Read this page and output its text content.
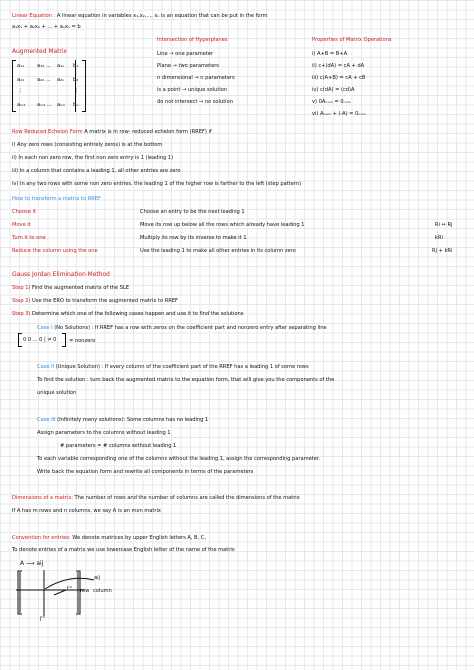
Linear Equation : A linear equation in variables x₁,x₂,..., xₙ is an equation that can be put in the form
a₁x₁ + a₂x₂ + ... + aₙxₙ = b
Augmented Matrix
a₁₁ a₁₂ ... a₁ₙ b₁
a₂₁ a₂₂ ... a₂ₙ b₂
⋮	⋮
aₘ₁ aₘ₂ ... aₘₙ bₘ
Intersection of Hyperplanes
Line → one parameter
Plane → two parameters
n dimensional → n parameters
is a point → unique solution
do not intersect → no solution
Properties of Matrix Operations
i) A+B = B+A
ii) c+(dA) = cA + dA
iii) c(A+B) = cA + cB
iv) c(dA) = (cd)A
v) 0Aₘₓₙ = 0ₘₓₙ
vi) Aₘₓₙ + (-A) = 0ₘₓₙ
Row Reduced Echelon Form A matrix is in row- reduced echelon form (RREF) if
i) Any zero rows (consisting entirely zeros) is at the bottom
ii) In each non zero row, the first non zero entry is 1 (leading 1)
iii) In a column that contains a leading 1, all other entries are zero
iv) In any two rows with some non zero entries, the leading 1 of the higher row is farther to the left (step pattern)
How to transform a matrix to RREF
Choose it	Choose an entry to be the next leading 1
Move it	Move its row up below all the rows which already have leading 1	Ri ↔ Rj
Turn it to one	Multiply its row by its inverse to make it 1	kRi
Reduce the column using the one	Use the leading 1 to make all other entries in its column zero	Rj + kRi
Gauss Jordan Elimination Method
Step 1) Find the augmented matrix of the SLE
Step 2) Use the ERO to transform the augmented matrix to RREF
Step 3) Determine which one of the following cases happen and use it to find the solutions
Case I (No Solutions) : If RREF has a row with zeros on the coefficient part and nonzero entry after separating line
0 0 ... 0 | ≠ 0 ≠ nonzero
Case II (Unique Solution) : If every column of the coefficient part of the RREF has a leading 1 of some rows
To find the solution : turn back the augmented matrix to the equation form, that will give you the components of the
unique solution
Case III (Infinitely many solutions): Some columns has no leading 1
Assign parameters to the columns without leading 1
# parameters = # columns without leading 1
To each variable corresponding one of the columns without the leading 1, assign the corresponding parameter.
Write back the equation form and rewrite all components in terms of the parameters
Dimensions of a matrix: The number of rows and the number of columns are called the dimensions of the matrix
If A has m rows and n columns, we say A is an mxn matrix
Convention for entries: We denote matrices by upper English letters A, B, C,
To denote entries of a matrix we use lowercase English letter of the name of the matrix
A ⟶ aij
aij
iᵗʰ row column
jᵗʰ
